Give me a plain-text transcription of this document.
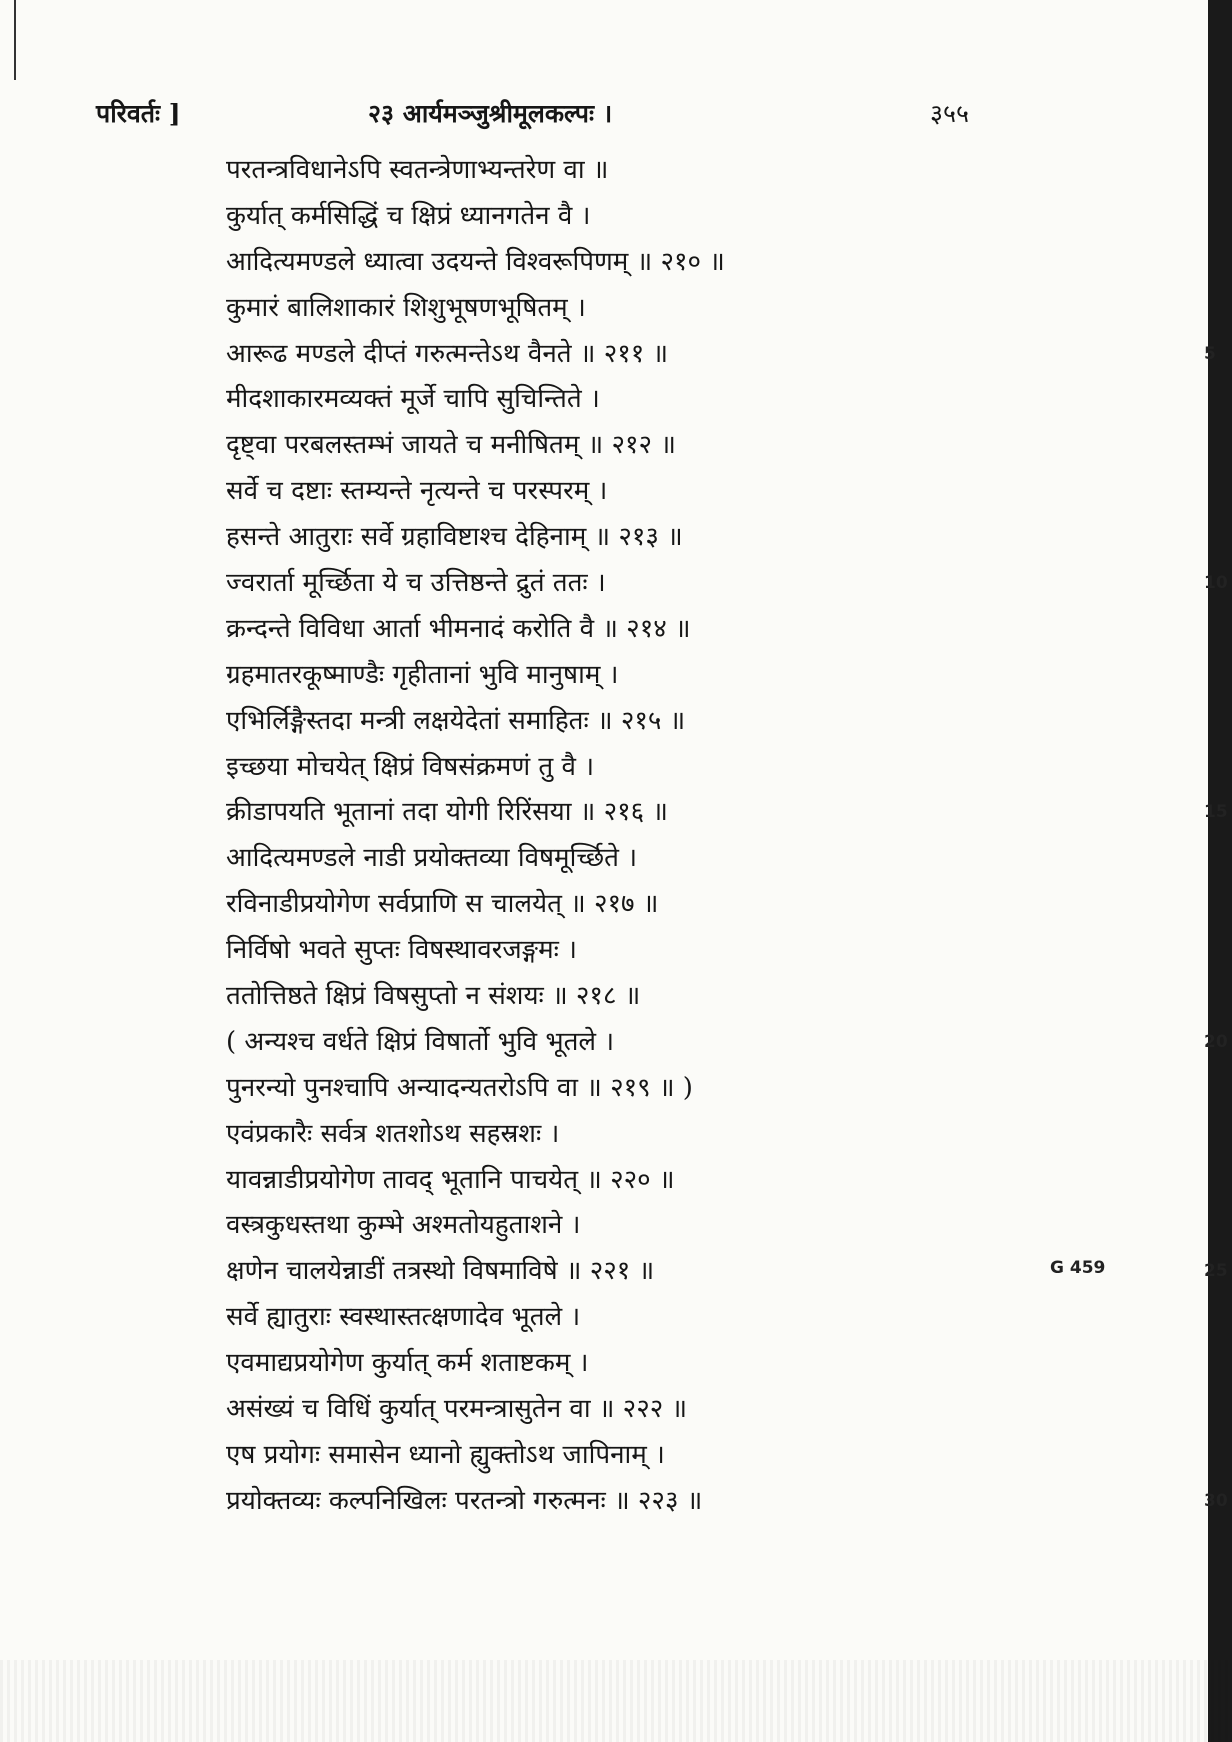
परिवर्तः ]	२३ आर्यमञ्जुश्रीमूलकल्पः ।	३५५
परतन्त्रविधानेऽपि स्वतन्त्रेणाभ्यन्तरेण वा ॥
कुर्यात् कर्मसिद्धिं च क्षिप्रं ध्यानगतेन वै ।
आदित्यमण्डले ध्यात्वा उदयन्ते विश्वरूपिणम् ॥ २१० ॥
कुमारं बालिशाकारं शिशुभूषणभूषितम् ।
आरूढ मण्डले दीप्तं गरुत्मन्तेऽथ वैनते ॥ २११ ॥	5
मीदशाकारमव्यक्तं मूर्जे चापि सुचिन्तिते ।
दृष्ट्वा परबलस्तम्भं जायते च मनीषितम् ॥ २१२ ॥
सर्वे च दष्टाः स्तम्यन्ते नृत्यन्ते च परस्परम् ।
हसन्ते आतुराः सर्वे ग्रहाविष्टाश्च देहिनाम् ॥ २१३ ॥
ज्वरार्ता मूर्च्छिता ये च उत्तिष्ठन्ते द्रुतं ततः ।	10
क्रन्दन्ते विविधा आर्ता भीमनादं करोति वै ॥ २१४ ॥
ग्रहमातरकूष्माण्डैः गृहीतानां भुवि मानुषाम् ।
एभिर्लिङ्गैस्तदा मन्त्री लक्षयेदेतां समाहितः ॥ २१५ ॥
इच्छया मोचयेत् क्षिप्रं विषसंक्रमणं तु वै ।
क्रीडापयति भूतानां तदा योगी रिरिंसया ॥ २१६ ॥	15
आदित्यमण्डले नाडी प्रयोक्तव्या विषमूर्च्छिते ।
रविनाडीप्रयोगेण सर्वप्राणि स चालयेत् ॥ २१७ ॥
निर्विषो भवते सुप्तः विषस्थावरजङ्गमः ।
ततोत्तिष्ठते क्षिप्रं विषसुप्तो न संशयः ॥ २१८ ॥
( अन्यश्च वर्धते क्षिप्रं विषार्तो भुवि भूतले ।	20
पुनरन्यो पुनश्चापि अन्यादन्यतरोऽपि वा ॥ २१९ ॥ )
एवंप्रकारैः सर्वत्र शतशोऽथ सहस्रशः ।
यावन्नाडीप्रयोगेण तावद् भूतानि पाचयेत् ॥ २२० ॥
वस्त्रकुधस्तथा कुम्भे अश्मतोयहुताशने ।
क्षणेन चालयेन्नाडीं तत्रस्थो विषमाविषे ॥ २२१ ॥	25
सर्वे ह्यातुराः स्वस्थास्तत्क्षणादेव भूतले ।
एवमाद्यप्रयोगेण कुर्यात् कर्म शताष्टकम् ।
असंख्यं च विधिं कुर्यात् परमन्त्रासुतेन वा ॥ २२२ ॥
एष प्रयोगः समासेन ध्यानो ह्युक्तोऽथ जापिनाम् ।
प्रयोक्तव्यः कल्पनिखिलः परतन्त्रो गरुत्मनः ॥ २२३ ॥	30
G 459
